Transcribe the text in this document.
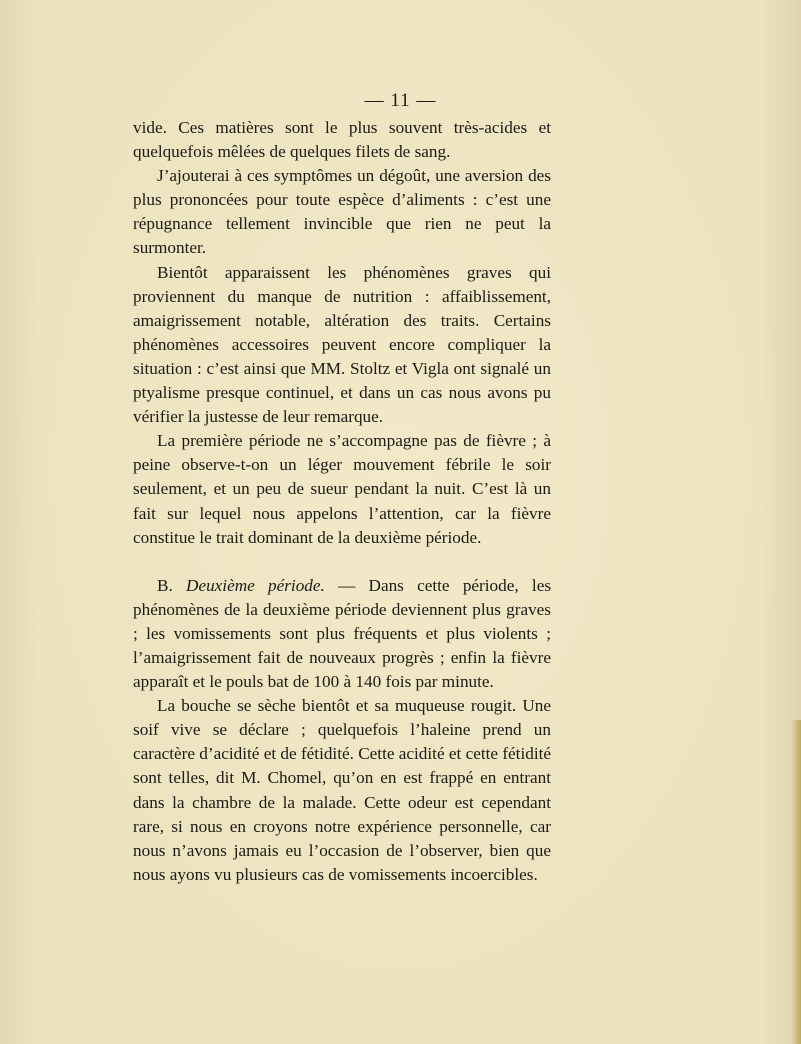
— 11 —

vide. Ces matières sont le plus souvent très-acides et quelquefois mêlées de quelques filets de sang.

J’ajouterai à ces symptômes un dégoût, une aversion des plus prononcées pour toute espèce d’aliments : c’est une répugnance tellement invincible que rien ne peut la surmonter.

Bientôt apparaissent les phénomènes graves qui proviennent du manque de nutrition : affaiblissement, amaigrissement notable, altération des traits. Certains phénomènes accessoires peuvent encore compliquer la situation : c’est ainsi que MM. Stoltz et Vigla ont signalé un ptyalisme presque continuel, et dans un cas nous avons pu vérifier la justesse de leur remarque.

La première période ne s’accompagne pas de fièvre ; à peine observe-t-on un léger mouvement fébrile le soir seulement, et un peu de sueur pendant la nuit. C’est là un fait sur lequel nous appelons l’attention, car la fièvre constitue le trait dominant de la deuxième période.

B. Deuxième période. — Dans cette période, les phénomènes de la deuxième période deviennent plus graves ; les vomissements sont plus fréquents et plus violents ; l’amaigrissement fait de nouveaux progrès ; enfin la fièvre apparaît et le pouls bat de 100 à 140 fois par minute.

La bouche se sèche bientôt et sa muqueuse rougit. Une soif vive se déclare ; quelquefois l’haleine prend un caractère d’acidité et de fétidité. Cette acidité et cette fétidité sont telles, dit M. Chomel, qu’on en est frappé en entrant dans la chambre de la malade. Cette odeur est cependant rare, si nous en croyons notre expérience personnelle, car nous n’avons jamais eu l’occasion de l’observer, bien que nous ayons vu plusieurs cas de vomissements incoercibles.
